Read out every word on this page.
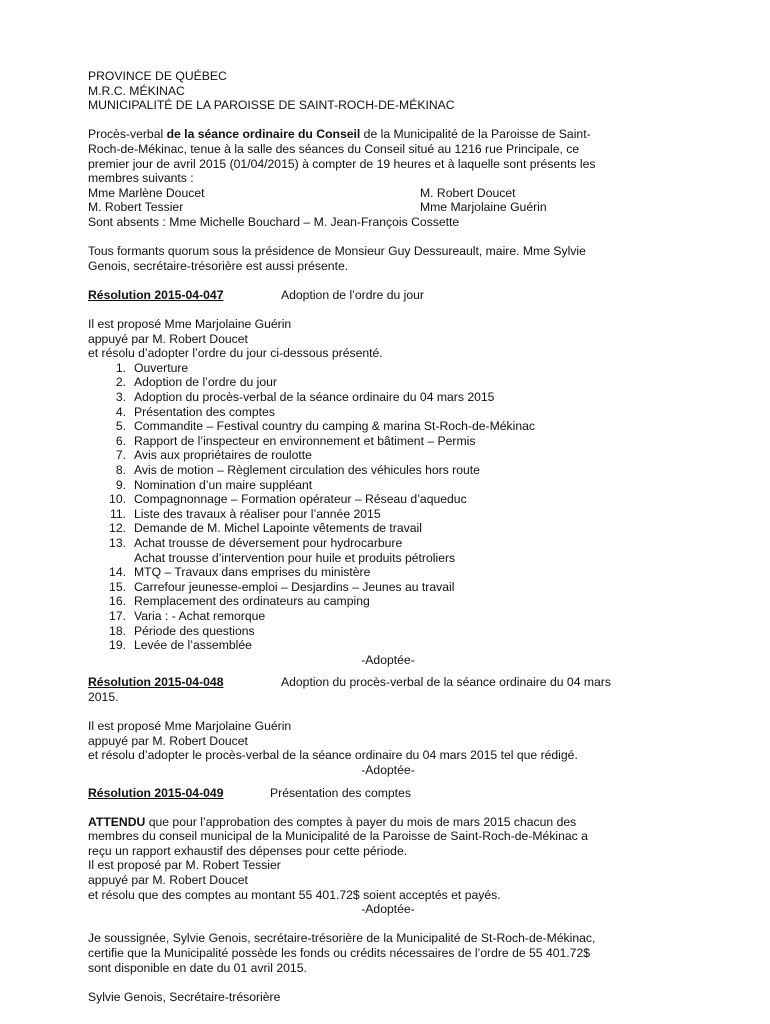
PROVINCE DE QUÉBEC

M.R.C. MÉKINAC

MUNICIPALITÉ DE LA PAROISSE DE SAINT-ROCH-DE-MÉKINAC

Procès-verbal de la séance ordinaire du Conseil de la Municipalité de la Paroisse de Saint-

Roch-de-Mékinac, tenue à la salle des séances du Conseil situé au 1216 rue Principale, ce

premier jour de avril 2015 (01/04/2015) à compter de 19 heures et à laquelle sont présents les

membres suivants :

Mme Marlène Doucet	M. Robert Doucet
M. Robert Tessier	Mme Marjolaine Guérin

Sont absents : Mme Michelle Bouchard – M. Jean-François Cossette

Tous formants quorum sous la présidence de Monsieur Guy Dessureault, maire. Mme Sylvie

Genois, secrétaire-trésorière est aussi présente.

Résolution 2015-04-047	Adoption de l’ordre du jour

Il est proposé Mme Marjolaine Guérin

appuyé par M. Robert Doucet

et résolu d’adopter l’ordre du jour ci-dessous présenté.

1. Ouverture
2. Adoption de l’ordre du jour
3. Adoption du procès-verbal de la séance ordinaire du 04 mars 2015
4. Présentation des comptes
5. Commandite – Festival country du camping & marina St-Roch-de-Mékinac
6. Rapport de l’inspecteur en environnement et bâtiment – Permis
7. Avis aux propriétaires de roulotte
8. Avis de motion – Règlement circulation des véhicules hors route
9. Nomination d’un maire suppléant
10. Compagnonnage – Formation opérateur – Réseau d’aqueduc
11. Liste des travaux à réaliser pour l’année 2015
12. Demande de M. Michel Lapointe vêtements de travail
13. Achat trousse de déversement pour hydrocarbure
Achat trousse d’intervention pour huile et produits pétroliers
14. MTQ – Travaux dans emprises du ministère
15. Carrefour jeunesse-emploi – Desjardins – Jeunes au travail
16. Remplacement des ordinateurs au camping
17. Varia : - Achat remorque
18. Période des questions
19. Levée de l’assemblée

-Adoptée-

Résolution 2015-04-048	Adoption du procès-verbal de la séance ordinaire du 04 mars

2015.

Il est proposé Mme Marjolaine Guérin

appuyé par M. Robert Doucet

et résolu d’adopter le procès-verbal de la séance ordinaire du 04 mars 2015 tel que rédigé.

-Adoptée-

Résolution 2015-04-049	Présentation des comptes

ATTENDU que pour l’approbation des comptes à payer du mois de mars 2015 chacun des

membres du conseil municipal de la Municipalité de la Paroisse de Saint-Roch-de-Mékinac a

reçu un rapport exhaustif des dépenses pour cette période.

Il est proposé par M. Robert Tessier

appuyé par M. Robert Doucet

et résolu que des comptes au montant 55 401.72$ soient acceptés et payés.

-Adoptée-

Je soussignée, Sylvie Genois, secrétaire-trésorière de la Municipalité de St-Roch-de-Mékinac,

certifie que la Municipalité possède les fonds ou crédits nécessaires de l’ordre de 55 401.72$

sont disponible en date du 01 avril 2015.

Sylvie Genois, Secrétaire-trésorière
